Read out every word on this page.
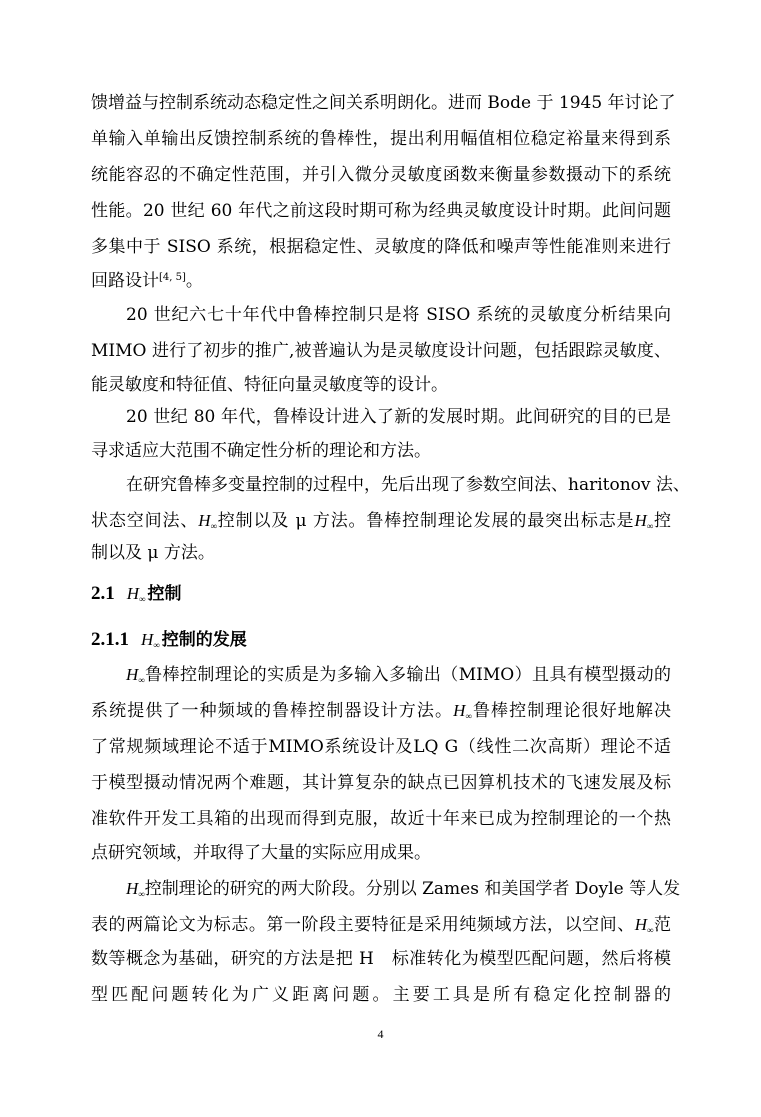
馈增益与控制系统动态稳定性之间关系明朗化。进而 Bode 于 1945 年讨论了
单输入单输出反馈控制系统的鲁棒性，提出利用幅值相位稳定裕量来得到系
统能容忍的不确定性范围，并引入微分灵敏度函数来衡量参数摄动下的系统
性能。20 世纪 60 年代之前这段时期可称为经典灵敏度设计时期。此间问题
多集中于 SISO 系统，根据稳定性、灵敏度的降低和噪声等性能准则来进行
回路设计[4, 5]。
20 世纪六七十年代中鲁棒控制只是将 SISO 系统的灵敏度分析结果向
MIMO 进行了初步的推广,被普遍认为是灵敏度设计问题，包括跟踪灵敏度、
能灵敏度和特征值、特征向量灵敏度等的设计。
20 世纪 80 年代，鲁棒设计进入了新的发展时期。此间研究的目的已是
寻求适应大范围不确定性分析的理论和方法。
在研究鲁棒多变量控制的过程中，先后出现了参数空间法、haritonov 法、
状态空间法、$H_\infty$控制以及 μ 方法。鲁棒控制理论发展的最突出标志是$H_\infty$控
制以及 μ 方法。
2.1 $H_\infty$ 控制
2.1.1 $H_\infty$ 控制的发展
$H_\infty$鲁棒控制理论的实质是为多输入多输出（MIMO）且具有模型摄动的
系统提供了一种频域的鲁棒控制器设计方法。$H_\infty$鲁棒控制理论很好地解决
了常规频域理论不适于MIMO系统设计及LQ G（线性二次高斯）理论不适
于模型摄动情况两个难题，其计算复杂的缺点已因算机技术的飞速发展及标
准软件开发工具箱的出现而得到克服，故近十年来已成为控制理论的一个热
点研究领域，并取得了大量的实际应用成果。
$H_\infty$控制理论的研究的两大阶段。分别以 Zames 和美国学者 Doyle 等人发
表的两篇论文为标志。第一阶段主要特征是采用纯频域方法，以空间、$H_\infty$范
数等概念为基础，研究的方法是把 H　标准转化为模型匹配问题，然后将模
型匹配问题转化为广义距离问题。主要工具是所有稳定化控制器的
4
